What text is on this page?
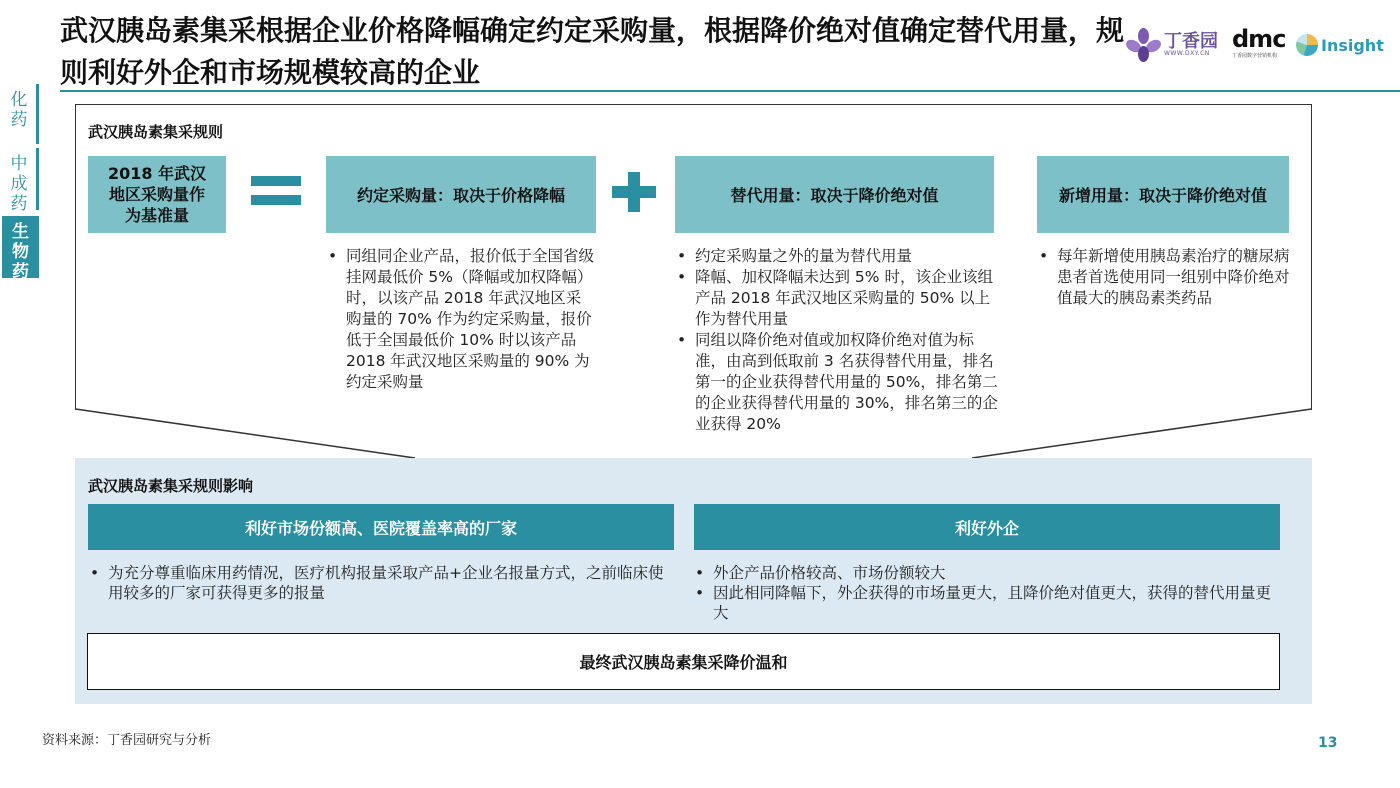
武汉胰岛素集采根据企业价格降幅确定约定采购量，根据降价绝对值确定替代用量，规则利好外企和市场规模较高的企业
丁香园
WWW.DXY.CN
dmc
丁香园数字营销机构
Insight
化
药
中
成
药
生
物
药
武汉胰岛素集采规则
2018 年武汉地区采购量作为基准量
约定采购量：取决于价格降幅	替代用量：取决于降价绝对值	新增用量：取决于降价绝对值
• 同组同企业产品，报价低于全国省级挂网最低价 5%（降幅或加权降幅）时，以该产品 2018 年武汉地区采购量的 70% 作为约定采购量，报价低于全国最低价 10% 时以该产品 2018 年武汉地区采购量的 90% 为约定采购量
• 约定采购量之外的量为替代用量
• 降幅、加权降幅未达到 5% 时，该企业该组产品 2018 年武汉地区采购量的 50% 以上作为替代用量
• 同组以降价绝对值或加权降价绝对值为标准，由高到低取前 3 名获得替代用量，排名第一的企业获得替代用量的 50%，排名第二的企业获得替代用量的 30%，排名第三的企业获得 20%
• 每年新增使用胰岛素治疗的糖尿病患者首选使用同一组别中降价绝对值最大的胰岛素类药品
武汉胰岛素集采规则影响
利好市场份额高、医院覆盖率高的厂家	利好外企
• 为充分尊重临床用药情况，医疗机构报量采取产品+企业名报量方式，之前临床使用较多的厂家可获得更多的报量
• 外企产品价格较高、市场份额较大
• 因此相同降幅下，外企获得的市场量更大，且降价绝对值更大，获得的替代用量更大
最终武汉胰岛素集采降价温和
资料来源：丁香园研究与分析	13
